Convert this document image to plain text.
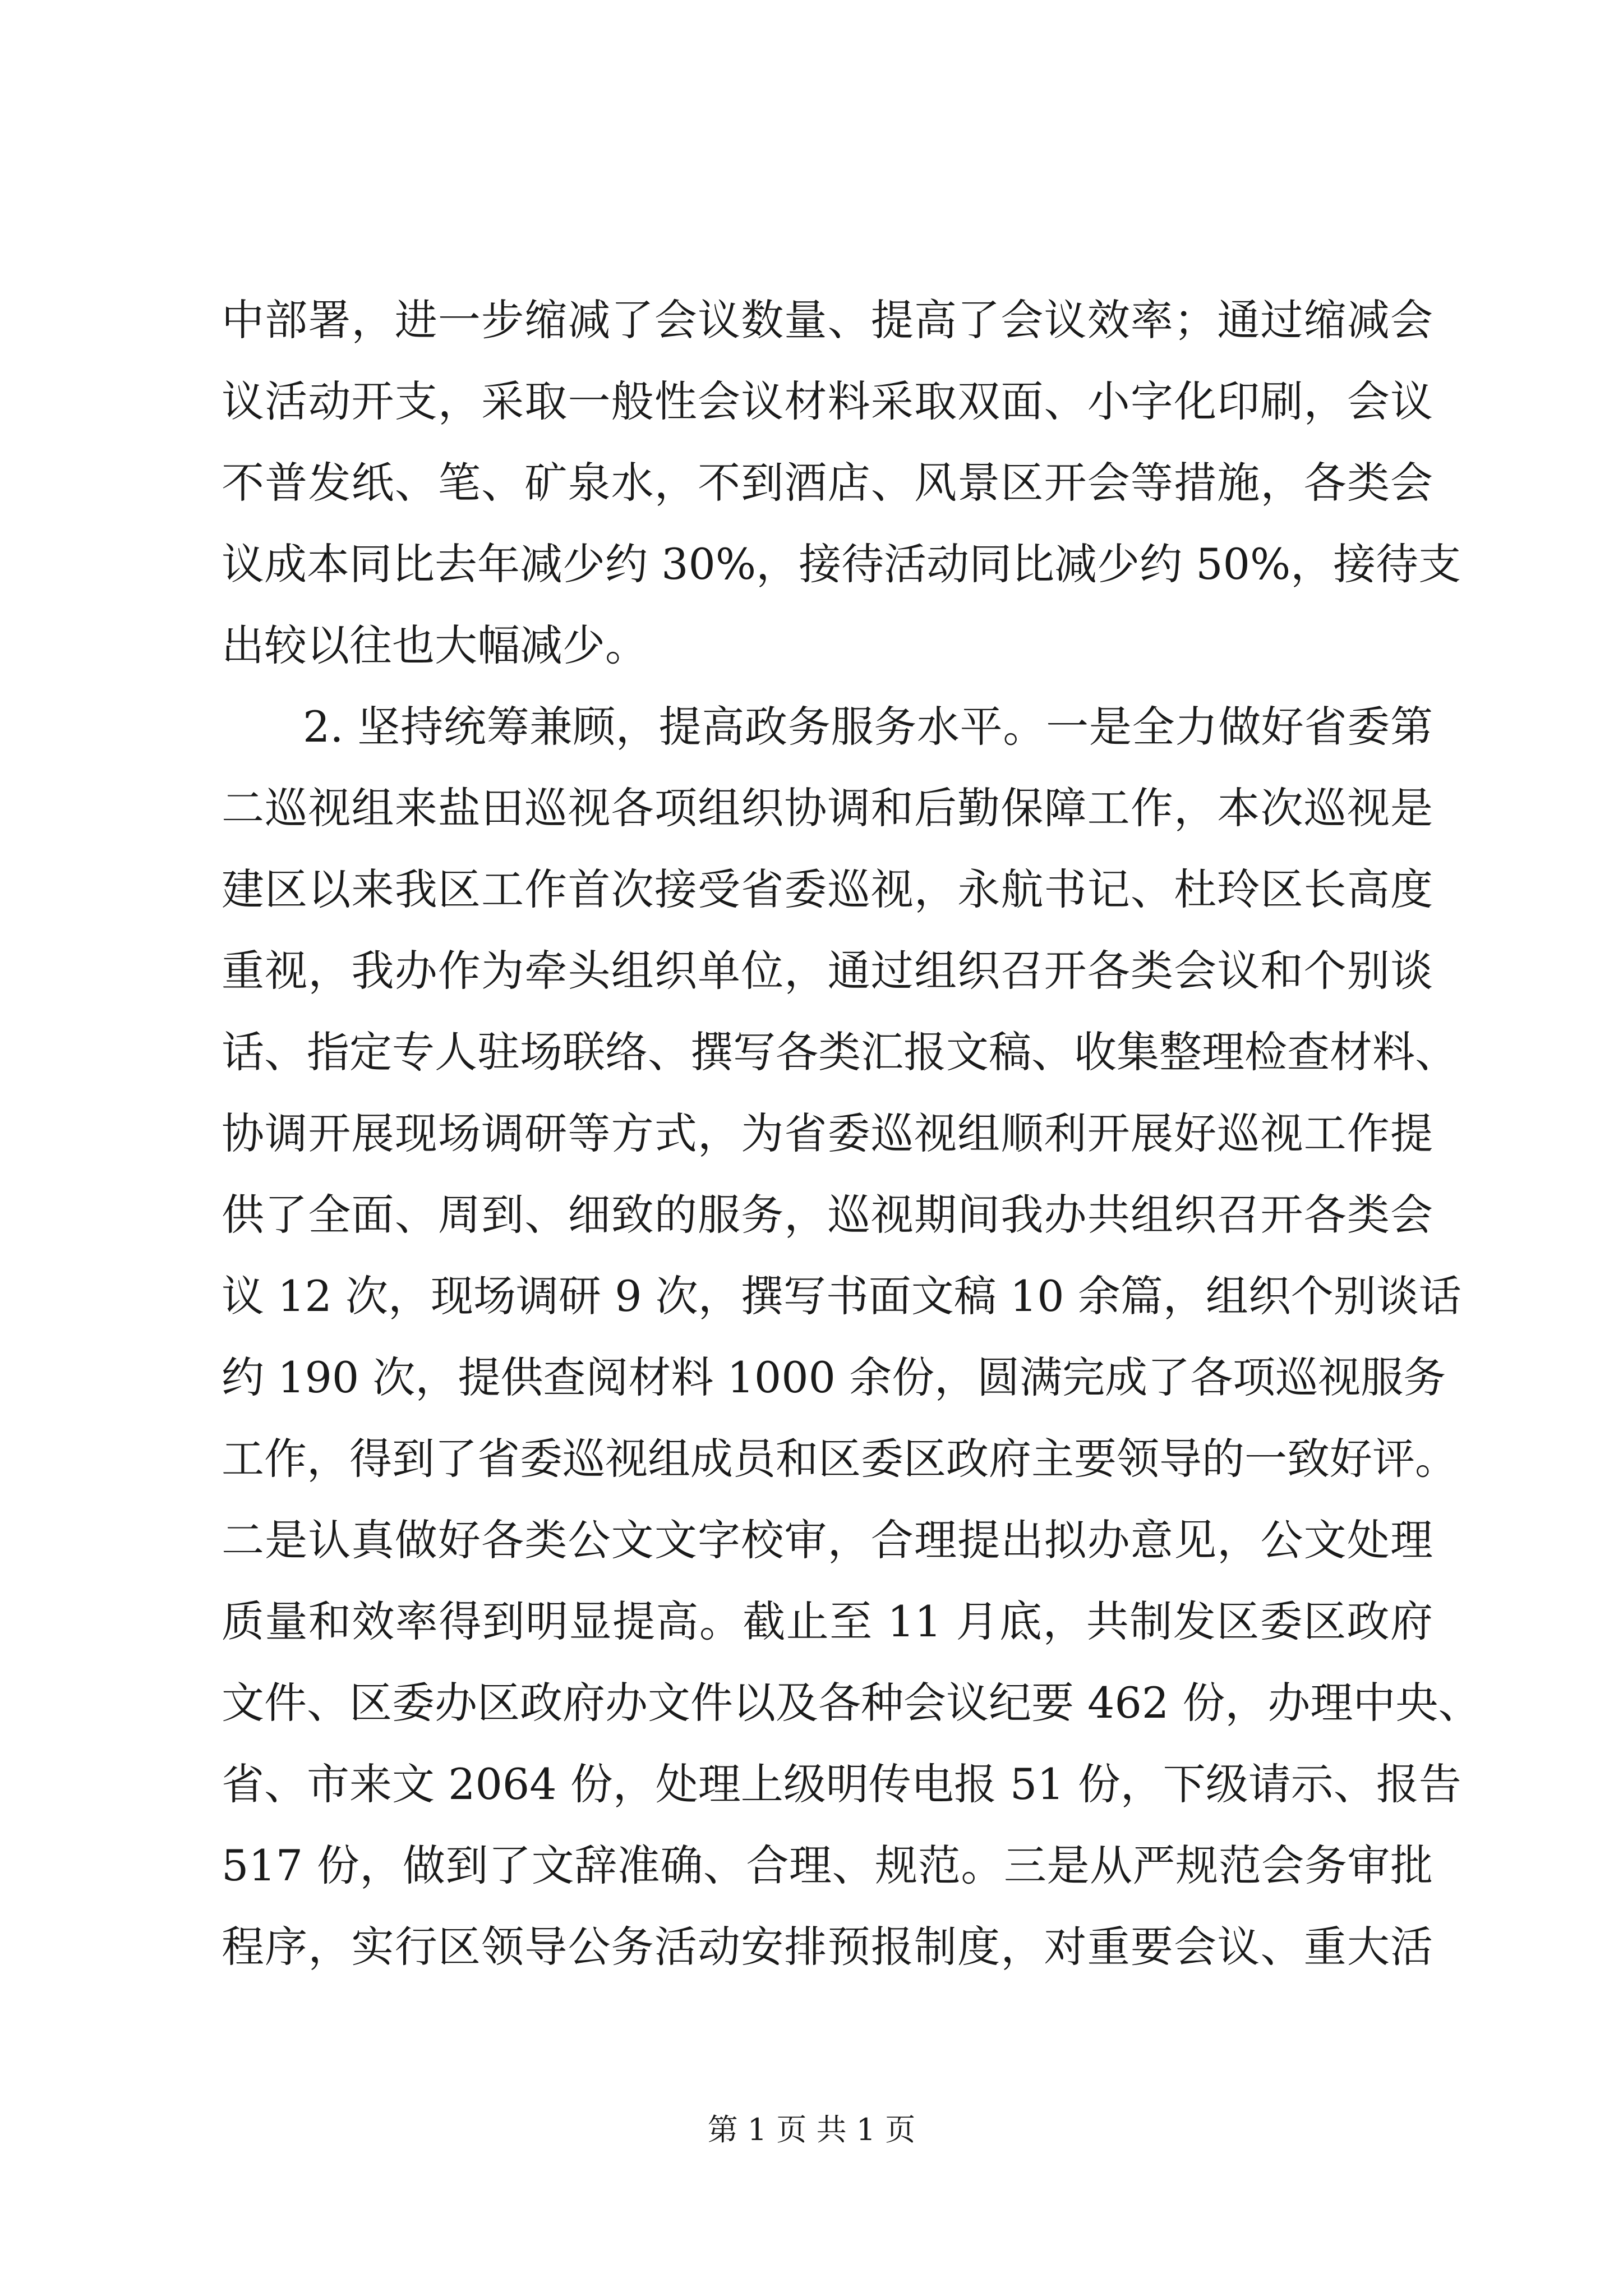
中部署，进一步缩减了会议数量、提高了会议效率；通过缩减会
议活动开支，采取一般性会议材料采取双面、小字化印刷，会议
不普发纸、笔、矿泉水，不到酒店、风景区开会等措施，各类会
议成本同比去年减少约 30%，接待活动同比减少约 50%，接待支
出较以往也大幅减少。
2. 坚持统筹兼顾，提高政务服务水平。一是全力做好省委第
二巡视组来盐田巡视各项组织协调和后勤保障工作，本次巡视是
建区以来我区工作首次接受省委巡视，永航书记、杜玲区长高度
重视，我办作为牵头组织单位，通过组织召开各类会议和个别谈
话、指定专人驻场联络、撰写各类汇报文稿、收集整理检查材料、
协调开展现场调研等方式，为省委巡视组顺利开展好巡视工作提
供了全面、周到、细致的服务，巡视期间我办共组织召开各类会
议 12 次，现场调研 9 次，撰写书面文稿 10 余篇，组织个别谈话
约 190 次，提供查阅材料 1000 余份，圆满完成了各项巡视服务
工作，得到了省委巡视组成员和区委区政府主要领导的一致好评。
二是认真做好各类公文文字校审，合理提出拟办意见，公文处理
质量和效率得到明显提高。截止至 11 月底，共制发区委区政府
文件、区委办区政府办文件以及各种会议纪要 462 份，办理中央、
省、市来文 2064 份，处理上级明传电报 51 份，下级请示、报告
517 份，做到了文辞准确、合理、规范。三是从严规范会务审批
程序，实行区领导公务活动安排预报制度，对重要会议、重大活
第 1 页 共 1 页
